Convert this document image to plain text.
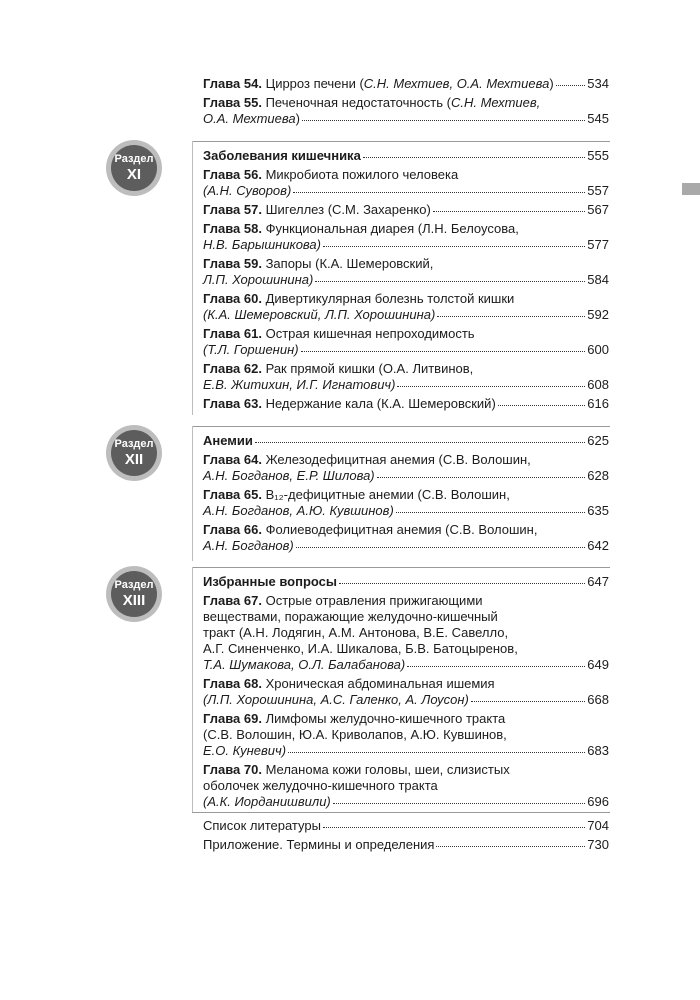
Глава 54. Цирроз печени (С.Н. Мехтиев, О.А. Мехтиева)	534
Глава 55. Печеночная недостаточность (С.Н. Мехтиев,
О.А. Мехтиева)	545
Раздел
XI
Заболевания кишечника	555
Глава 56. Микробиота пожилого человека
(А.Н. Суворов)	557
Глава 57. Шигеллез (С.М. Захаренко)	567
Глава 58. Функциональная диарея (Л.Н. Белоусова,
Н.В. Барышникова)	577
Глава 59. Запоры (К.А. Шемеровский,
Л.П. Хорошинина)	584
Глава 60. Дивертикулярная болезнь толстой кишки
(К.А. Шемеровский, Л.П. Хорошинина)	592
Глава 61. Острая кишечная непроходимость
(Т.Л. Горшенин)	600
Глава 62. Рак прямой кишки (О.А. Литвинов,
Е.В. Житихин, И.Г. Игнатович)	608
Глава 63. Недержание кала (К.А. Шемеровский)	616
Раздел
XII
Анемии	625
Глава 64. Железодефицитная анемия (С.В. Волошин,
А.Н. Богданов, Е.Р. Шилова)	628
Глава 65. B₁₂-дефицитные анемии (С.В. Волошин,
А.Н. Богданов, А.Ю. Кувшинов)	635
Глава 66. Фолиеводефицитная анемия (С.В. Волошин,
А.Н. Богданов)	642
Раздел
XIII
Избранные вопросы	647
Глава 67. Острые отравления прижигающими
веществами, поражающие желудочно-кишечный
тракт (А.Н. Лодягин, А.М. Антонова, В.Е. Савелло,
А.Г. Синенченко, И.А. Шикалова, Б.В. Батоцыренов,
Т.А. Шумакова, О.Л. Балабанова)	649
Глава 68. Хроническая абдоминальная ишемия
(Л.П. Хорошинина, А.С. Галенко, А. Лоусон)	668
Глава 69. Лимфомы желудочно-кишечного тракта
(С.В. Волошин, Ю.А. Криволапов, А.Ю. Кувшинов,
Е.О. Куневич)	683
Глава 70. Меланома кожи головы, шеи, слизистых
оболочек желудочно-кишечного тракта
(А.К. Иорданишвили)	696
Список литературы	704
Приложение. Термины и определения	730
